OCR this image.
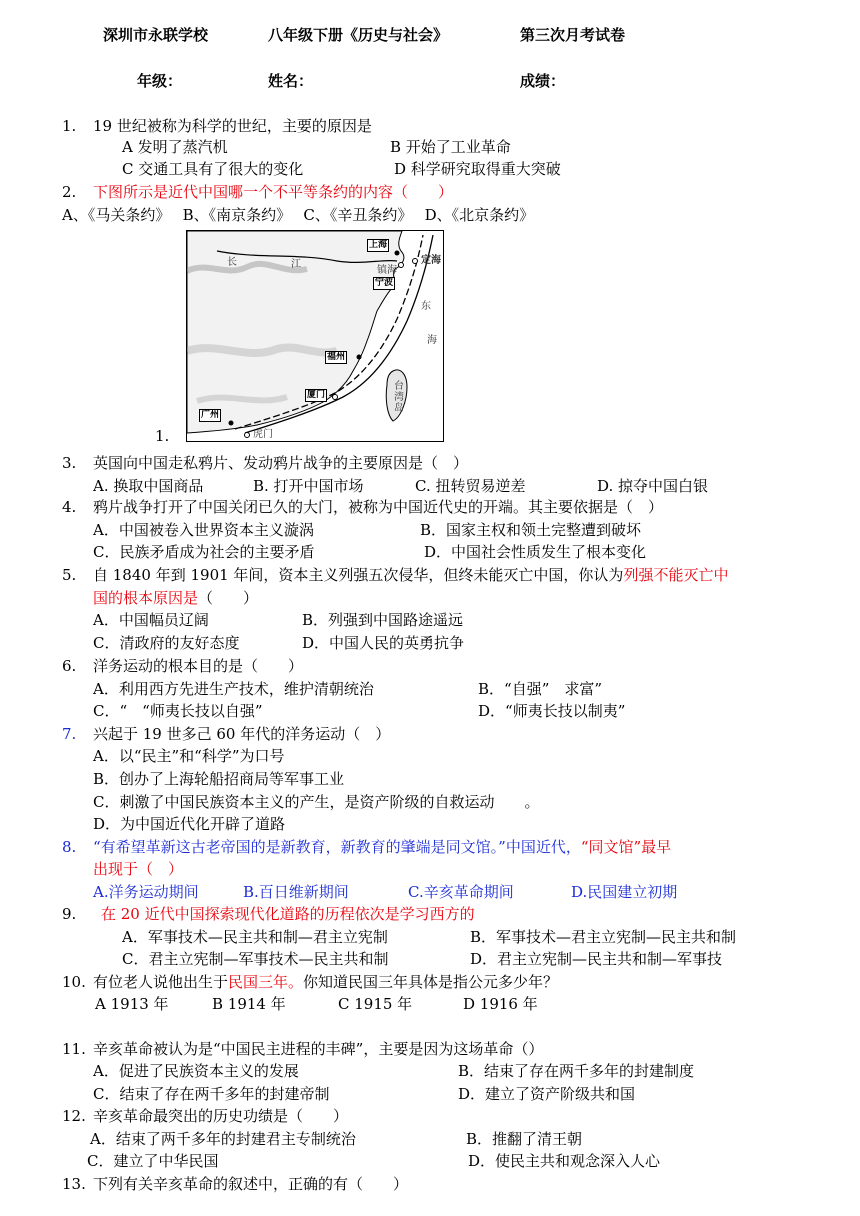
深圳市永联学校	八年级下册《历史与社会》	第三次月考试卷
年级：	姓名：	成绩：
1. 19 世纪被称为科学的世纪，主要的原因是
A 发明了蒸汽机	B 开始了工业革命
C 交通工具有了很大的变化	D 科学研究取得重大突破
2. 下图所示是近代中国哪一个不平等条约的内容（　　）
A、《马关条约》　 B、《南京条约》　 C、《辛丑条约》　 D、《北京条约》
上海
镇海
定海
宁波
福州
厦门
广州
虎门
东
海
长	江
台湾岛
1.
3. 英国向中国走私鸦片、发动鸦片战争的主要原因是（　）
A. 换取中国商品	B. 打开中国市场	C. 扭转贸易逆差	D. 掠夺中国白银
4. 鸦片战争打开了中国关闭已久的大门，被称为中国近代史的开端。其主要依据是（　）
A．中国被卷入世界资本主义漩涡	B．国家主权和领土完整遭到破坏
C．民族矛盾成为社会的主要矛盾	D．中国社会性质发生了根本变化
5. 自 1840 年到 1901 年间，资本主义列强五次侵华，但终未能灭亡中国，你认为列强不能灭亡中
国的根本原因是（　　）
A．中国幅员辽阔	B．列强到中国路途遥远
C．清政府的友好态度	D．中国人民的英勇抗争
6. 洋务运动的根本目的是（　　）
A．利用西方先进生产技术，维护清朝统治	B．“自强”　求富”
C．“　“师夷长技以自强”	D．“师夷长技以制夷”
7. 兴起于 19 世多己 60 年代的洋务运动（　）
A．以“民主”和“科学”为口号
B．创办了上海轮船招商局等军事工业
C．刺激了中国民族资本主义的产生，是资产阶级的自救运动　　。
D．为中国近代化开辟了道路
8. “有希望革新这古老帝国的是新教育，新教育的肇端是同文馆。”中国近代，“同文馆”最早
出现于（　）
A.洋务运动期间	B.百日维新期间	C.辛亥革命期间	D.民国建立初期
9. 在 20 近代中国探索现代化道路的历程依次是学习西方的
A．军事技术—民主共和制—君主立宪制	B．军事技术—君主立宪制—民主共和制
C．君主立宪制—军事技术—民主共和制	D．君主立宪制—民主共和制—军事技
10. 有位老人说他出生于民国三年。你知道民国三年具体是指公元多少年？
A 1913 年	B 1914 年	C 1915 年	D 1916 年
11. 辛亥革命被认为是“中国民主进程的丰碑”，主要是因为这场革命（）
A．促进了民族资本主义的发展	B．结束了存在两千多年的封建制度
C．结束了存在两千多年的封建帝制	D．建立了资产阶级共和国
12. 辛亥革命最突出的历史功绩是（　　）
A．结束了两千多年的封建君主专制统治	B．推翻了清王朝
C．建立了中华民国	D．使民主共和观念深入人心
13. 下列有关辛亥革命的叙述中，正确的有（　　）
